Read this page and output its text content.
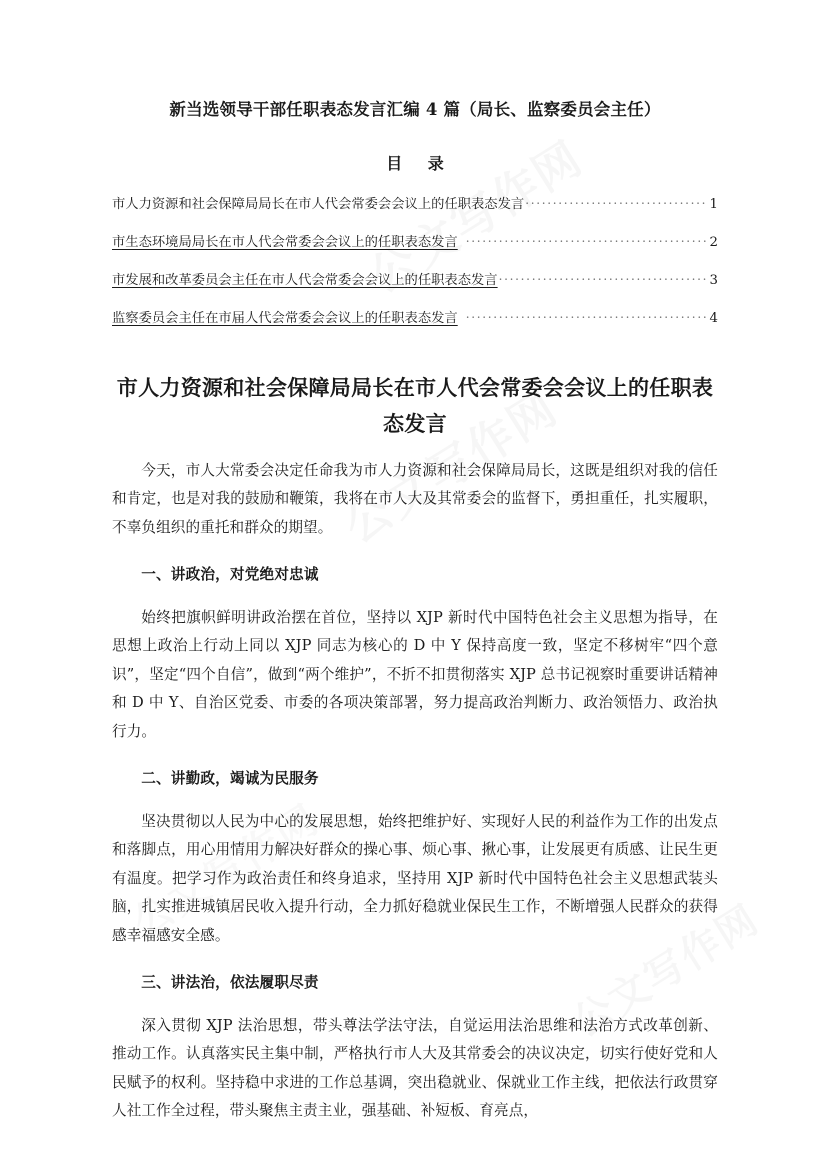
新当选领导干部任职表态发言汇编 4 篇（局长、监察委员会主任）
目 录
市人力资源和社会保障局局长在市人代会常委会会议上的任职表态发言 .....	1
市生态环境局局长在市人代会常委会会议上的任职表态发言 .....	2
市发展和改革委员会主任在市人代会常委会会议上的任职表态发言 .....	3
监察委员会主任在市届人代会常委会会议上的任职表态发言 .....	4
市人力资源和社会保障局局长在市人代会常委会会议上的任职表态发言

今天，市人大常委会决定任命我为市人力资源和社会保障局局长，这既是组织对我的信任和肯定，也是对我的鼓励和鞭策，我将在市人大及其常委会的监督下，勇担重任，扎实履职，不辜负组织的重托和群众的期望。

一、讲政治，对党绝对忠诚

始终把旗帜鲜明讲政治摆在首位，坚持以 XJP 新时代中国特色社会主义思想为指导，在思想上政治上行动上同以 XJP 同志为核心的 D 中 Y 保持高度一致，坚定不移树牢“四个意识”，坚定“四个自信”，做到“两个维护”，不折不扣贯彻落实 XJP 总书记视察时重要讲话精神和 D 中 Y、自治区党委、市委的各项决策部署，努力提高政治判断力、政治领悟力、政治执行力。

二、讲勤政，竭诚为民服务

坚决贯彻以人民为中心的发展思想，始终把维护好、实现好人民的利益作为工作的出发点和落脚点，用心用情用力解决好群众的操心事、烦心事、揪心事，让发展更有质感、让民生更有温度。把学习作为政治责任和终身追求，坚持用 XJP 新时代中国特色社会主义思想武装头脑，扎实推进城镇居民收入提升行动，全力抓好稳就业保民生工作，不断增强人民群众的获得感幸福感安全感。

三、讲法治，依法履职尽责

深入贯彻 XJP 法治思想，带头尊法学法守法，自觉运用法治思维和法治方式改革创新、推动工作。认真落实民主集中制，严格执行市人大及其常委会的决议决定，切实行使好党和人民赋予的权利。坚持稳中求进的工作总基调，突出稳就业、保就业工作主线，把依法行政贯穿人社工作全过程，带头聚焦主责主业，强基础、补短板、育亮点，
